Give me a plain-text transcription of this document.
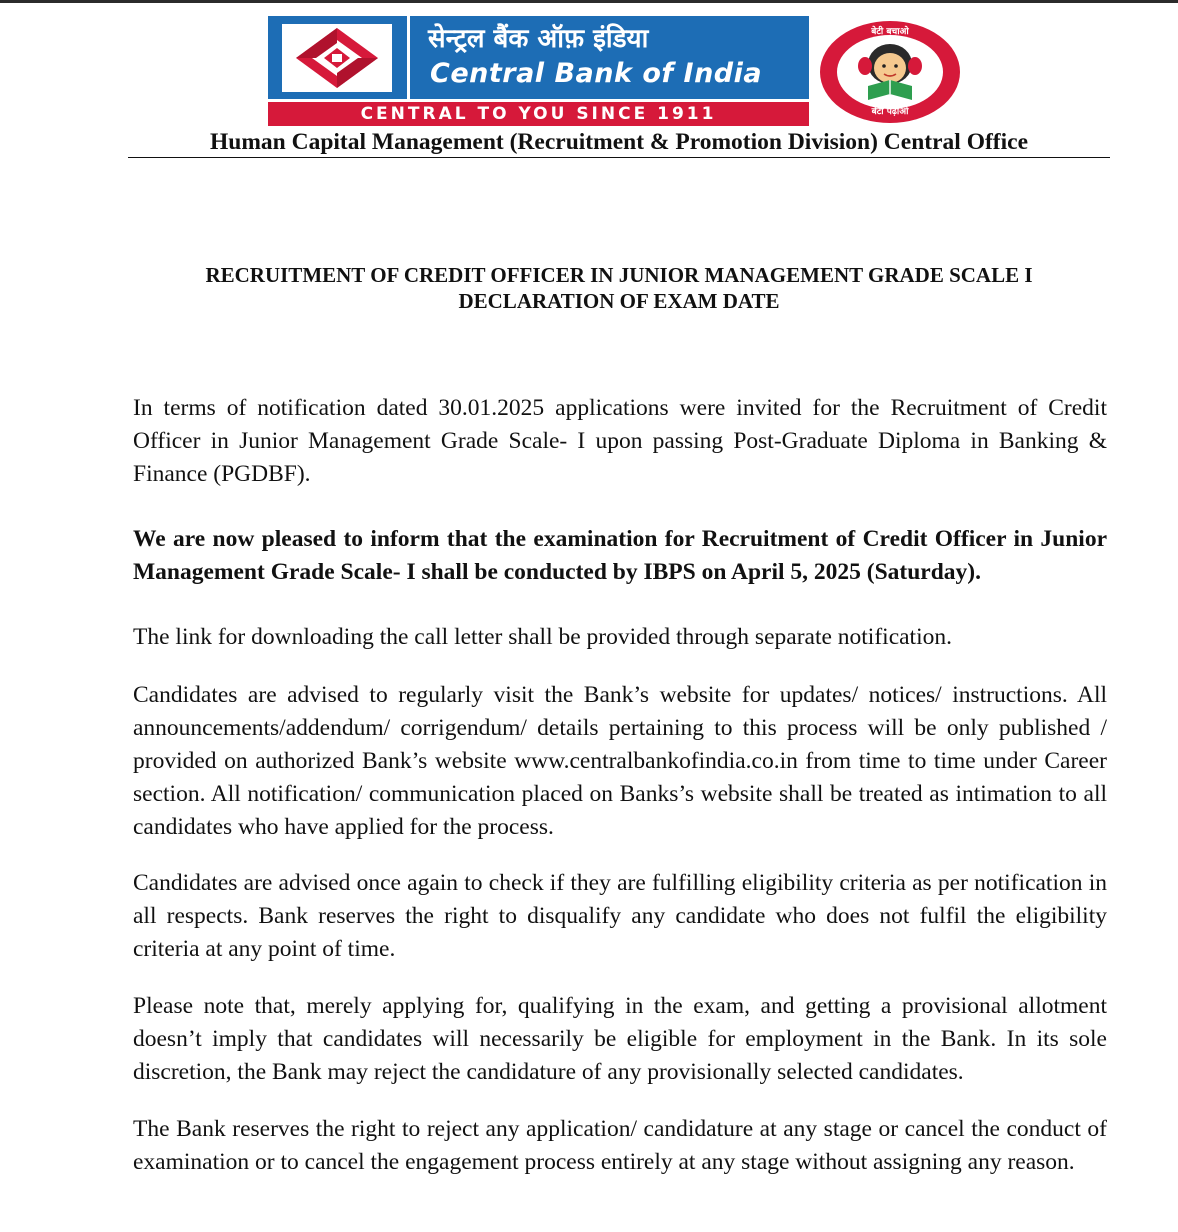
सेन्ट्रल बैंक ऑफ़ इंडिया
Central Bank of India
CENTRAL TO YOU SINCE 1911
बेटी बचाओ
बेटी पढ़ाओ
Human Capital Management (Recruitment & Promotion Division) Central Office
RECRUITMENT OF CREDIT OFFICER IN JUNIOR MANAGEMENT GRADE SCALE I
DECLARATION OF EXAM DATE

In terms of notification dated 30.01.2025 applications were invited for the Recruitment of Credit Officer in Junior Management Grade Scale- I upon passing Post-Graduate Diploma in Banking & Finance (PGDBF).

We are now pleased to inform that the examination for Recruitment of Credit Officer in Junior Management Grade Scale- I shall be conducted by IBPS on April 5, 2025 (Saturday).

The link for downloading the call letter shall be provided through separate notification.

Candidates are advised to regularly visit the Bank’s website for updates/ notices/ instructions. All announcements/addendum/ corrigendum/ details pertaining to this process will be only published / provided on authorized Bank’s website www.centralbankofindia.co.in from time to time under Career section. All notification/ communication placed on Banks’s website shall be treated as intimation to all candidates who have applied for the process.

Candidates are advised once again to check if they are fulfilling eligibility criteria as per notification in all respects. Bank reserves the right to disqualify any candidate who does not fulfil the eligibility criteria at any point of time.

Please note that, merely applying for, qualifying in the exam, and getting a provisional allotment doesn’t imply that candidates will necessarily be eligible for employment in the Bank. In its sole discretion, the Bank may reject the candidature of any provisionally selected candidates.

The Bank reserves the right to reject any application/ candidature at any stage or cancel the conduct of examination or to cancel the engagement process entirely at any stage without assigning any reason.
